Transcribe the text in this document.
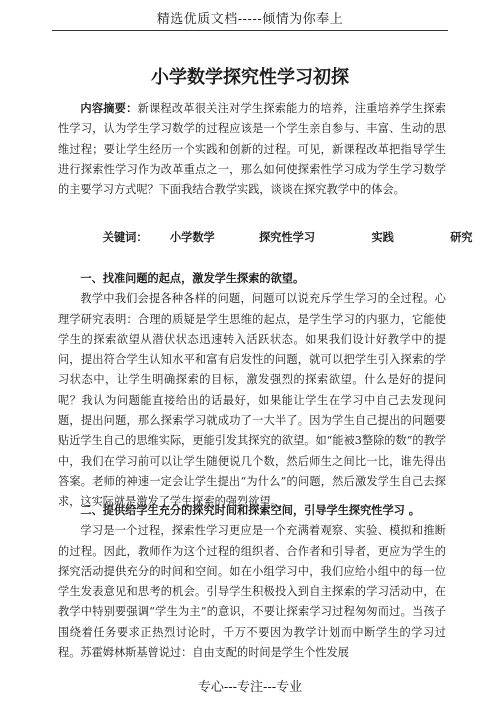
精选优质文档-----倾情为你奉上
小学数学探究性学习初探

内容摘要：新课程改革很关注对学生探索能力的培养，注重培养学生探索性学习，认为学生学习数学的过程应该是一个学生亲自参与、丰富、生动的思维过程；要让学生经历一个实践和创新的过程。可见，新课程改革把指导学生进行探索性学习作为改革重点之一，那么如何使探索性学习成为学生学习数学的主要学习方式呢？下面我结合教学实践，谈谈在探究教学中的体会。

关键词： 小学数学	探究性学习	实践	研究

一、找准问题的起点，激发学生探索的欲望。

教学中我们会提各种各样的问题，问题可以说充斥学生学习的全过程。心理学研究表明：合理的质疑是学生思维的起点，是学生学习的内驱力，它能使学生的探索欲望从潜伏状态迅速转入活跃状态。如果我们设计好教学中的提问，提出符合学生认知水平和富有启发性的问题，就可以把学生引入探索的学习状态中，让学生明确探索的目标，激发强烈的探索欲望。什么是好的提问呢？我认为问题能直接给出的话最好，如果能让学生在学习中自己去发现问题，提出问题，那么探索学习就成功了一大半了。因为学生自己提出的问题要贴近学生自己的思维实际，更能引发其探究的欲望。如“能被3整除的数”的教学中，我们在学习前可以让学生随便说几个数，然后师生之间比一比，谁先得出答案。老师的神速一定会让学生提出“为什么”的问题，然后激发学生自己去探求，这实际就是激发了学生探索的强烈欲望。

二、提供给学生充分的探究时间和探索空间，引导学生探究性学习 。

学习是一个过程，探索性学习更应是一个充满着观察、实验、模拟和推断的过程。因此，教师作为这个过程的组织者、合作者和引导者，更应为学生的探究活动提供充分的时间和空间。如在小组学习中，我们应给小组中的每一位学生发表意见和思考的机会。引导学生积极投入到自主探索的学习活动中，在教学中特别要强调“学生为主”的意识，不要让探索学习过程匆匆而过。当孩子围绕着任务要求正热烈讨论时，千万不要因为教学计划而中断学生的学习过程。苏霍姆林斯基曾说过：自由支配的时间是学生个性发展

专心---专注---专业
